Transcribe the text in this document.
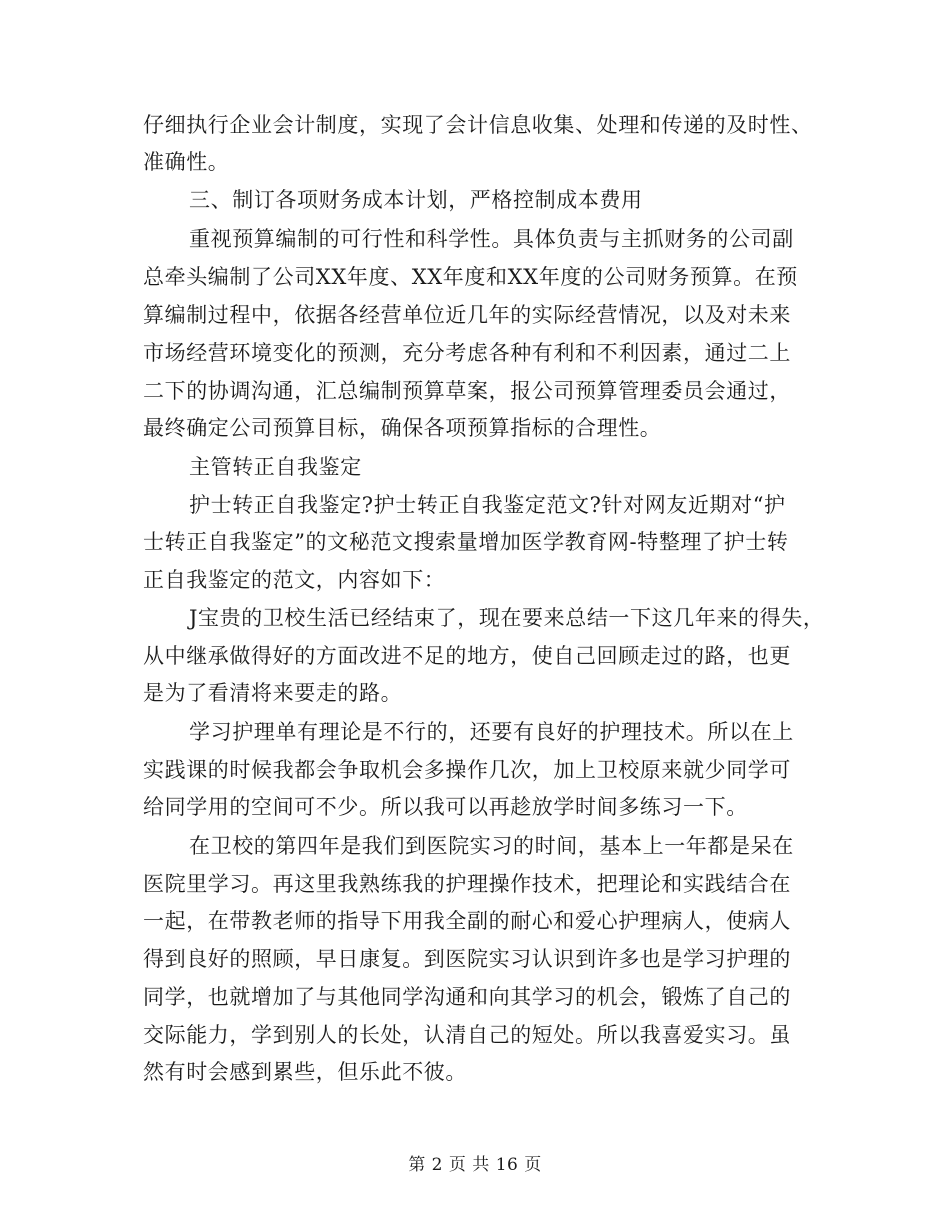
仔细执行企业会计制度，实现了会计信息收集、处理和传递的及时性、
准确性。
三、制订各项财务成本计划，严格控制成本费用
重视预算编制的可行性和科学性。具体负责与主抓财务的公司副
总牵头编制了公司XX年度、XX年度和XX年度的公司财务预算。在预
算编制过程中，依据各经营单位近几年的实际经营情况，以及对未来
市场经营环境变化的预测，充分考虑各种有利和不利因素，通过二上
二下的协调沟通，汇总编制预算草案，报公司预算管理委员会通过，
最终确定公司预算目标，确保各项预算指标的合理性。
主管转正自我鉴定
护士转正自我鉴定?护士转正自我鉴定范文?针对网友近期对“护
士转正自我鉴定”的文秘范文搜索量增加医学教育网-特整理了护士转
正自我鉴定的范文，内容如下：
J宝贵的卫校生活已经结束了，现在要来总结一下这几年来的得失，
从中继承做得好的方面改进不足的地方，使自己回顾走过的路，也更
是为了看清将来要走的路。
学习护理单有理论是不行的，还要有良好的护理技术。所以在上
实践课的时候我都会争取机会多操作几次，加上卫校原来就少同学可
给同学用的空间可不少。所以我可以再趁放学时间多练习一下。
在卫校的第四年是我们到医院实习的时间，基本上一年都是呆在
医院里学习。再这里我熟练我的护理操作技术，把理论和实践结合在
一起，在带教老师的指导下用我全副的耐心和爱心护理病人，使病人
得到良好的照顾，早日康复。到医院实习认识到许多也是学习护理的
同学，也就增加了与其他同学沟通和向其学习的机会，锻炼了自己的
交际能力，学到别人的长处，认清自己的短处。所以我喜爱实习。虽
然有时会感到累些，但乐此不彼。
第 2 页 共 16 页
